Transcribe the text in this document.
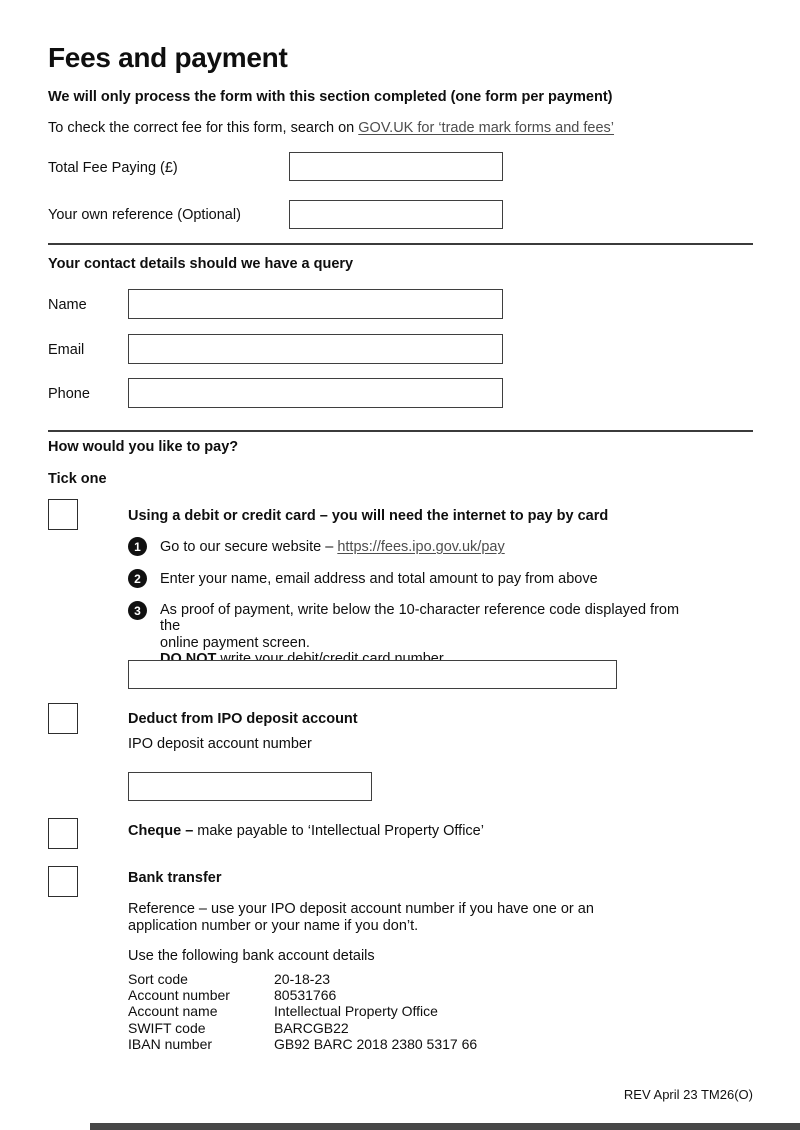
Fees and payment
We will only process the form with this section completed (one form per payment)
To check the correct fee for this form, search on GOV.UK for ‘trade mark forms and fees’
Total Fee Paying (£)
Your own reference (Optional)
Your contact details should we have a query
Name
Email
Phone
How would you like to pay?
Tick one
Using a debit or credit card – you will need the internet to pay by card
1	Go to our secure website – https://fees.ipo.gov.uk/pay
2	Enter your name, email address and total amount to pay from above
3	As proof of payment, write below the 10-character reference code displayed from the
online payment screen.
Deduct from IPO deposit account
IPO deposit account number
Cheque – make payable to ‘Intellectual Property Office’
Bank transfer
Reference – use your IPO deposit account number if you have one or an
application number or your name if you don’t.
Use the following bank account details
Sort code	20-18-23
Account number	80531766
Account name	Intellectual Property Office
SWIFT code	BARCGB22
IBAN number	GB92 BARC 2018 2380 5317 66
REV April 23 TM26(O)
